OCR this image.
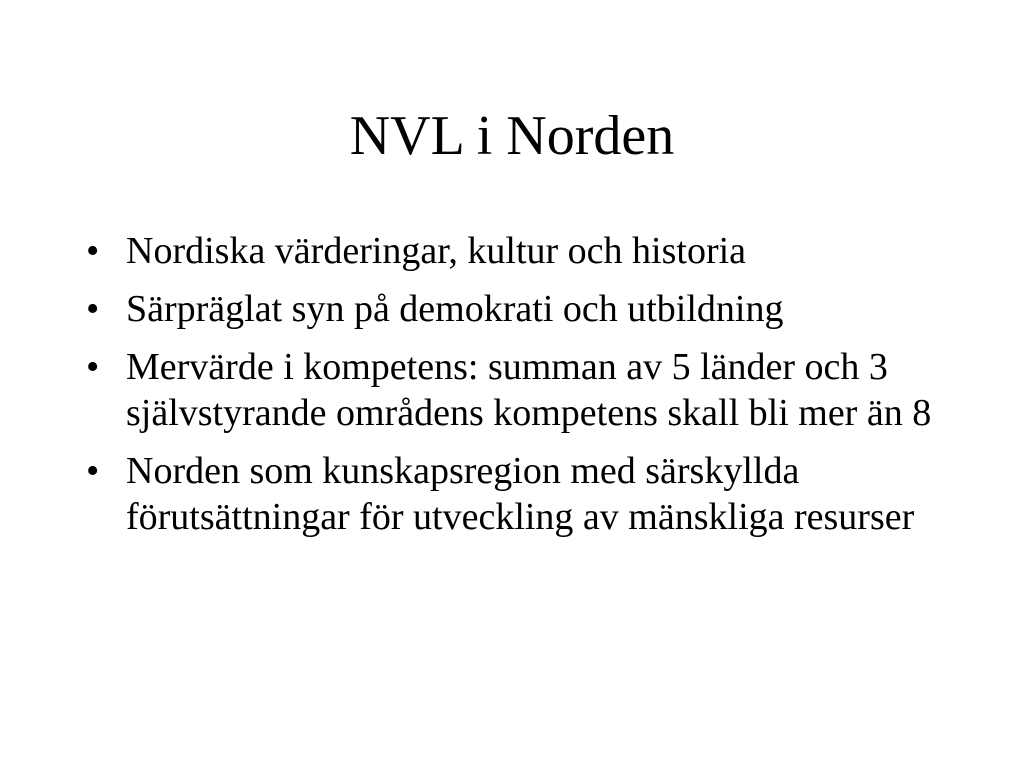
NVL i Norden
• Nordiska värderingar, kultur och historia
• Särpräglat syn på demokrati och utbildning
• Mervärde i kompetens: summan av 5 länder och 3 självstyrande områdens kompetens skall bli mer än 8
• Norden som kunskapsregion med särskyllda förutsättningar för utveckling av mänskliga resurser
